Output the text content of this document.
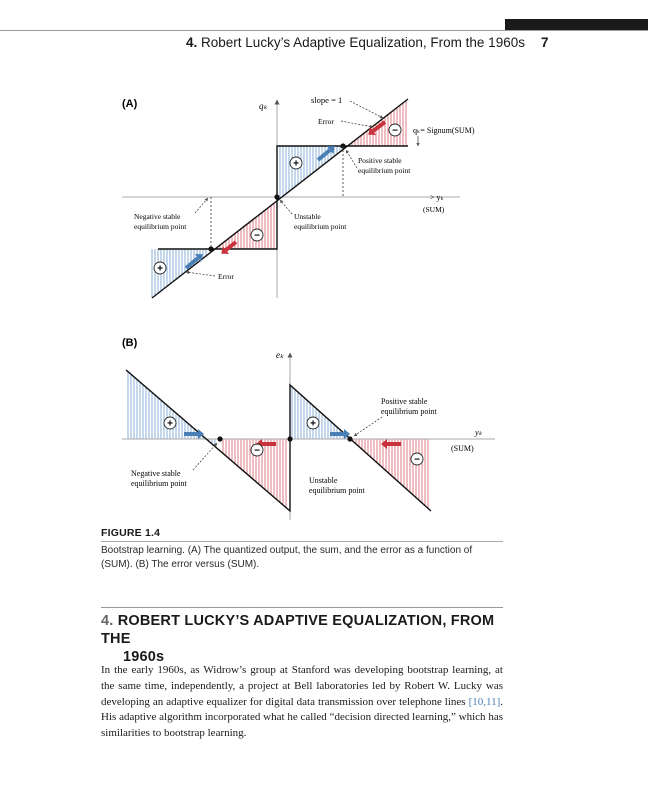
4. Robert Lucky’s Adaptive Equalization, From the 1960s 7
(A)
+
−
−
+
qₖ
slope = 1
Error
qₖ= Signum(SUM)
Positive stable
equilibrium point
> yₖ
(SUM)
Negative stable
equilibrium point
Unstable
equilibrium point
Error
(B)
+
−
+
−
eₖ
Positive stable
equilibrium point
yₖ
(SUM)
Negative stable
equilibrium point	Unstable
equilibrium point
FIGURE 1.4
Bootstrap learning. (A) The quantized output, the sum, and the error as a function of (SUM). (B) The error versus (SUM).
4. ROBERT LUCKY’S ADAPTIVE EQUALIZATION, FROM THE
1960s

In the early 1960s, as Widrow’s group at Stanford was developing bootstrap learning, at the same time, independently, a project at Bell laboratories led by Robert W. Lucky was developing an adaptive equalizer for digital data transmission over telephone lines [10,11]. His adaptive algorithm incorporated what he called “decision directed learning,” which has similarities to bootstrap learning.
